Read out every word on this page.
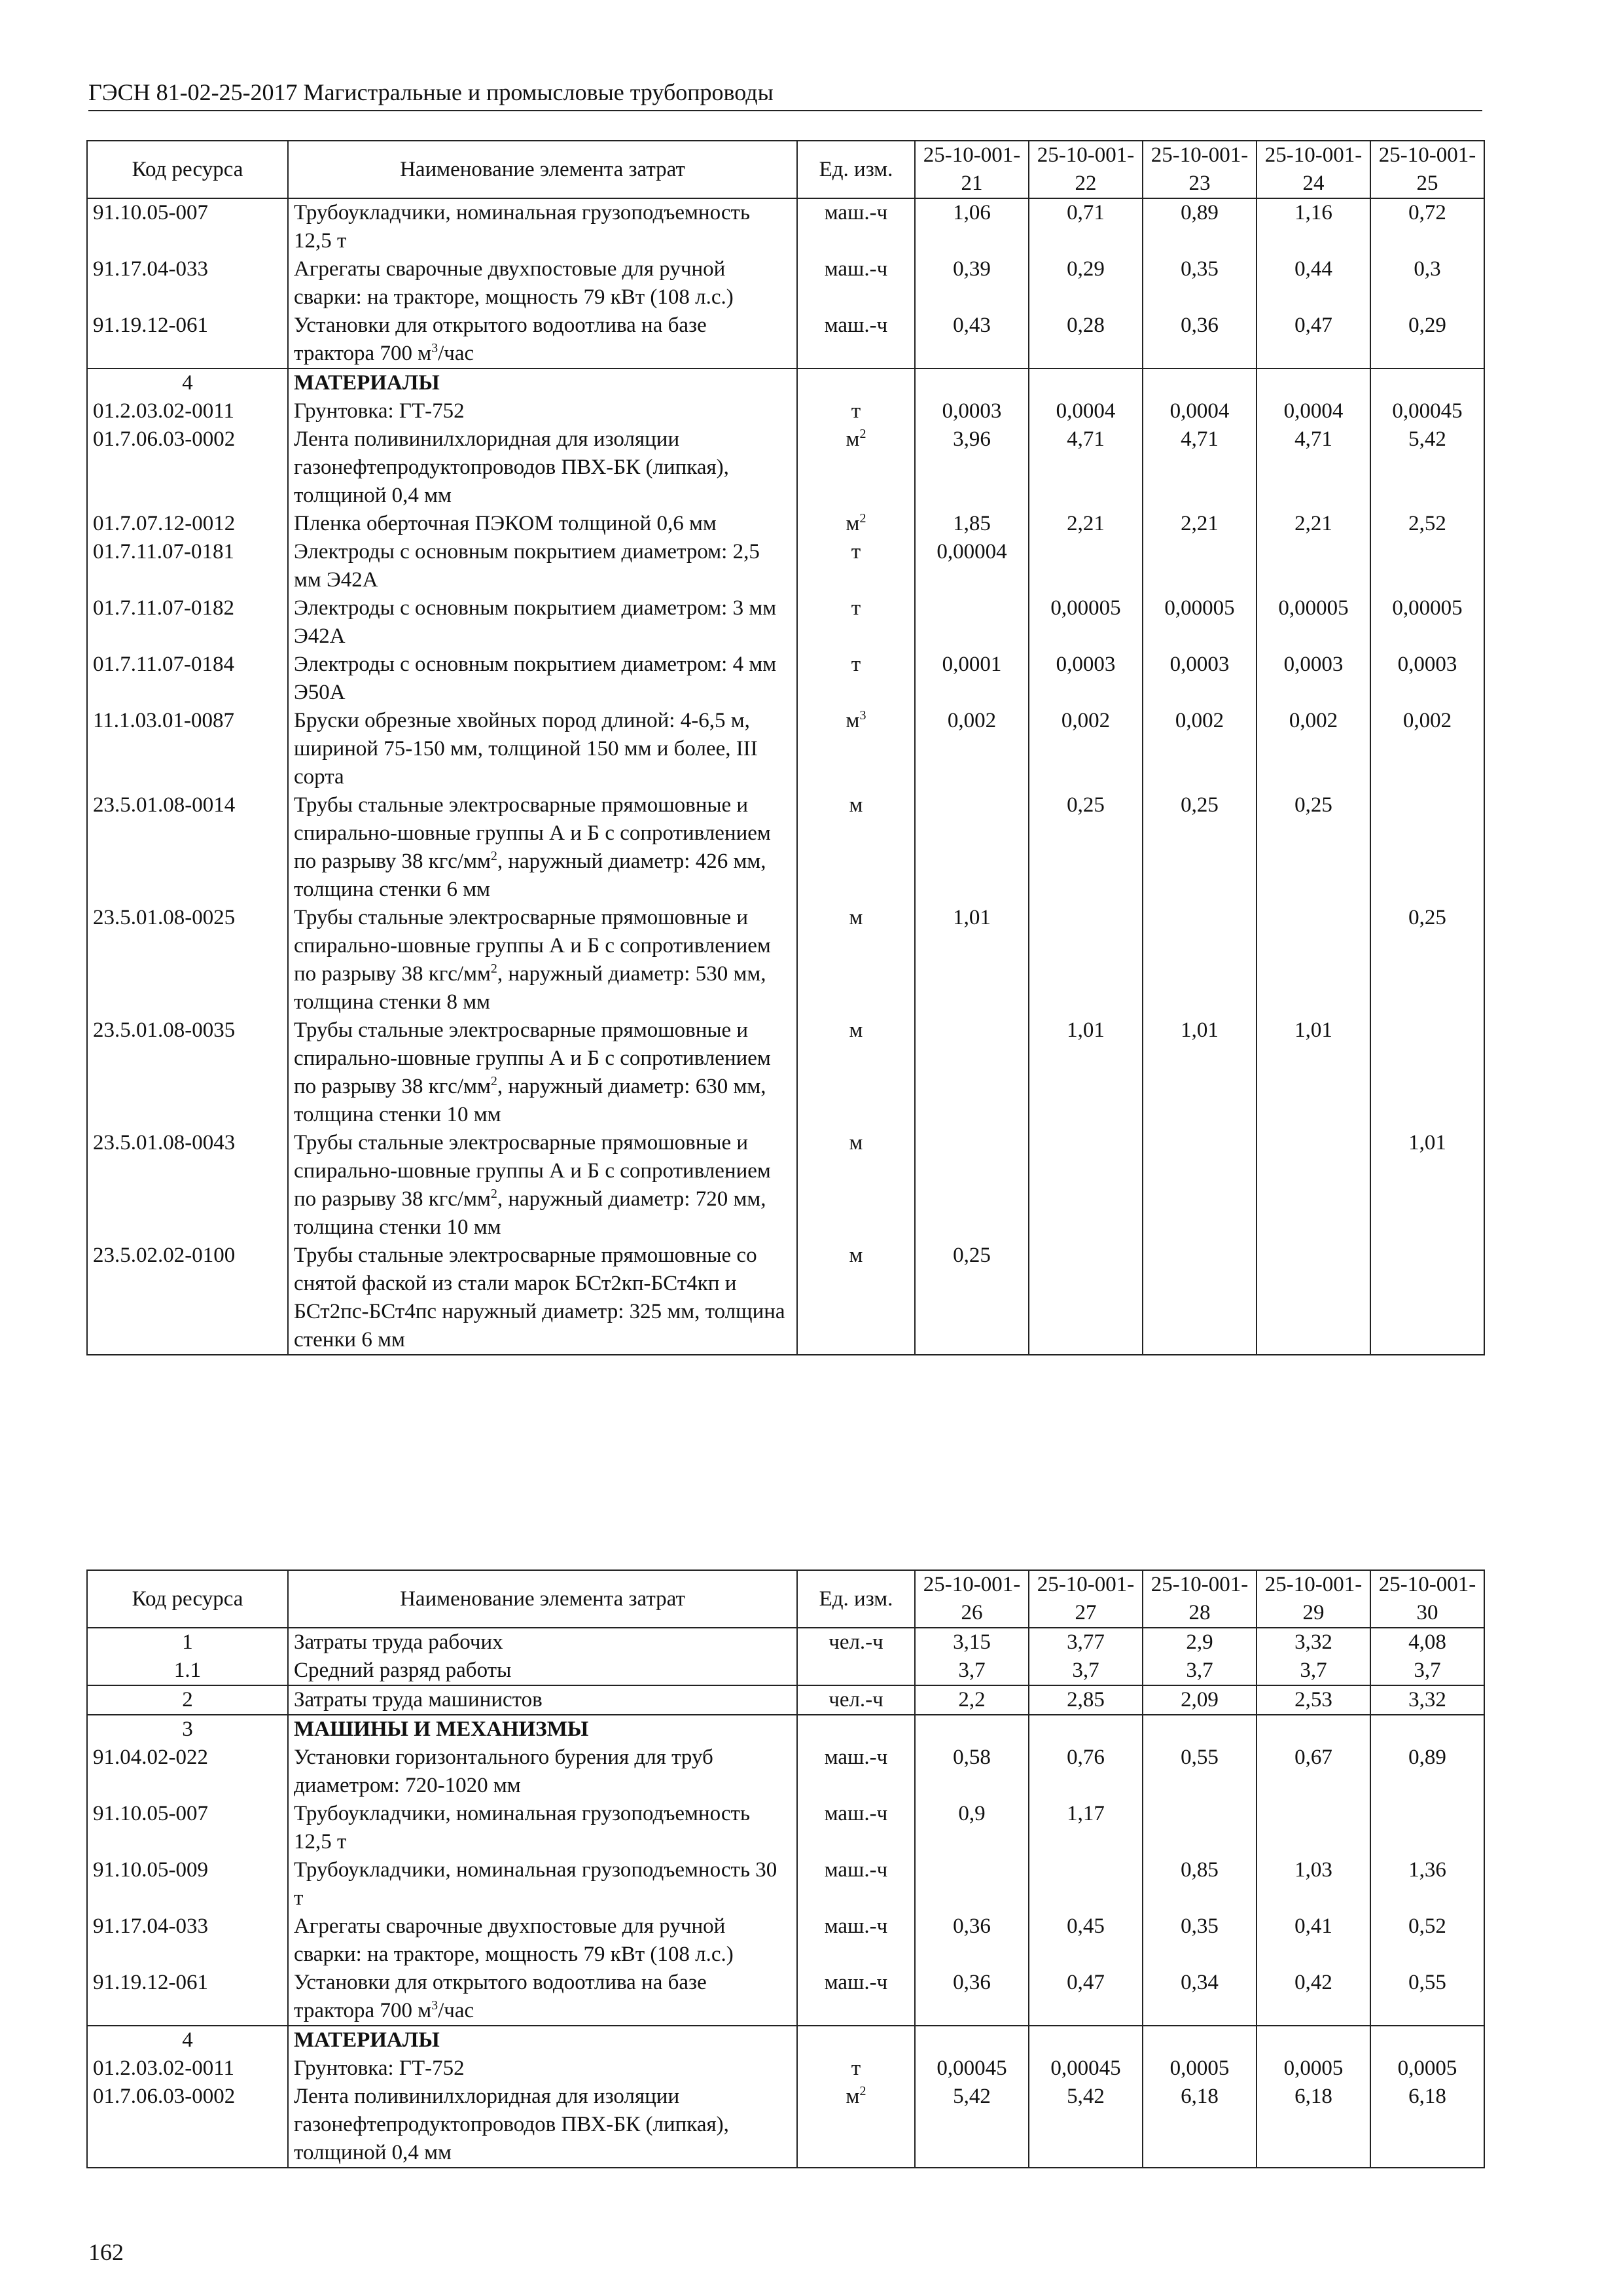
ГЭСН 81-02-25-2017 Магистральные и промысловые трубопроводы
Код ресурса	Наименование элемента затрат	Ед. изм.	25-10-001-21	25-10-001-22	25-10-001-23	25-10-001-24	25-10-001-25
91.10.05-007	Трубоукладчики, номинальная грузоподъемность 12,5 т	маш.-ч	1,06	0,71	0,89	1,16	0,72
91.17.04-033	Агрегаты сварочные двухпостовые для ручной сварки: на тракторе, мощность 79 кВт (108 л.с.)	маш.-ч	0,39	0,29	0,35	0,44	0,3
91.19.12-061	Установки для открытого водоотлива на базе трактора 700 $м^3$/час	маш.-ч	0,43	0,28	0,36	0,47	0,29
4	МАТЕРИАЛЫ						
01.2.03.02-0011	Грунтовка: ГТ-752	т	0,0003	0,0004	0,0004	0,0004	0,00045
01.7.06.03-0002	Лента поливинилхлоридная для изоляции газонефтепродуктопроводов ПВХ-БК (липкая), толщиной 0,4 мм	$м^2$	3,96	4,71	4,71	4,71	5,42
01.7.07.12-0012	Пленка оберточная ПЭКОМ толщиной 0,6 мм	$м^2$	1,85	2,21	2,21	2,21	2,52
01.7.11.07-0181	Электроды с основным покрытием диаметром: 2,5 мм Э42А	т	0,00004				
01.7.11.07-0182	Электроды с основным покрытием диаметром: 3 мм Э42А	т		0,00005	0,00005	0,00005	0,00005
01.7.11.07-0184	Электроды с основным покрытием диаметром: 4 мм Э50А	т	0,0001	0,0003	0,0003	0,0003	0,0003
11.1.03.01-0087	Бруски обрезные хвойных пород длиной: 4-6,5 м, шириной 75-150 мм, толщиной 150 мм и более, III сорта	$м^3$	0,002	0,002	0,002	0,002	0,002
23.5.01.08-0014	Трубы стальные электросварные прямошовные и спирально-шовные группы А и Б с сопротивлением по разрыву 38 кгс/$мм^2$, наружный диаметр: 426 мм, толщина стенки 6 мм	м		0,25	0,25	0,25	
23.5.01.08-0025	Трубы стальные электросварные прямошовные и спирально-шовные группы А и Б с сопротивлением по разрыву 38 кгс/$мм^2$, наружный диаметр: 530 мм, толщина стенки 8 мм	м	1,01				0,25
23.5.01.08-0035	Трубы стальные электросварные прямошовные и спирально-шовные группы А и Б с сопротивлением по разрыву 38 кгс/$мм^2$, наружный диаметр: 630 мм, толщина стенки 10 мм	м		1,01	1,01	1,01	
23.5.01.08-0043	Трубы стальные электросварные прямошовные и спирально-шовные группы А и Б с сопротивлением по разрыву 38 кгс/$мм^2$, наружный диаметр: 720 мм, толщина стенки 10 мм	м					1,01
23.5.02.02-0100	Трубы стальные электросварные прямошовные со снятой фаской из стали марок БСт2кп-БСт4кп и БСт2пс-БСт4пс наружный диаметр: 325 мм, толщина стенки 6 мм	м	0,25				
Код ресурса	Наименование элемента затрат	Ед. изм.	25-10-001-26	25-10-001-27	25-10-001-28	25-10-001-29	25-10-001-30
1	Затраты труда рабочих	чел.-ч	3,15	3,77	2,9	3,32	4,08
1.1	Средний разряд работы		3,7	3,7	3,7	3,7	3,7
2	Затраты труда машинистов	чел.-ч	2,2	2,85	2,09	2,53	3,32
3	МАШИНЫ И МЕХАНИЗМЫ						
91.04.02-022	Установки горизонтального бурения для труб диаметром: 720-1020 мм	маш.-ч	0,58	0,76	0,55	0,67	0,89
91.10.05-007	Трубоукладчики, номинальная грузоподъемность 12,5 т	маш.-ч	0,9	1,17			
91.10.05-009	Трубоукладчики, номинальная грузоподъемность 30 т	маш.-ч			0,85	1,03	1,36
91.17.04-033	Агрегаты сварочные двухпостовые для ручной сварки: на тракторе, мощность 79 кВт (108 л.с.)	маш.-ч	0,36	0,45	0,35	0,41	0,52
91.19.12-061	Установки для открытого водоотлива на базе трактора 700 $м^3$/час	маш.-ч	0,36	0,47	0,34	0,42	0,55
4	МАТЕРИАЛЫ						
01.2.03.02-0011	Грунтовка: ГТ-752	т	0,00045	0,00045	0,0005	0,0005	0,0005
01.7.06.03-0002	Лента поливинилхлоридная для изоляции газонефтепродуктопроводов ПВХ-БК (липкая), толщиной 0,4 мм	$м^2$	5,42	5,42	6,18	6,18	6,18
162
